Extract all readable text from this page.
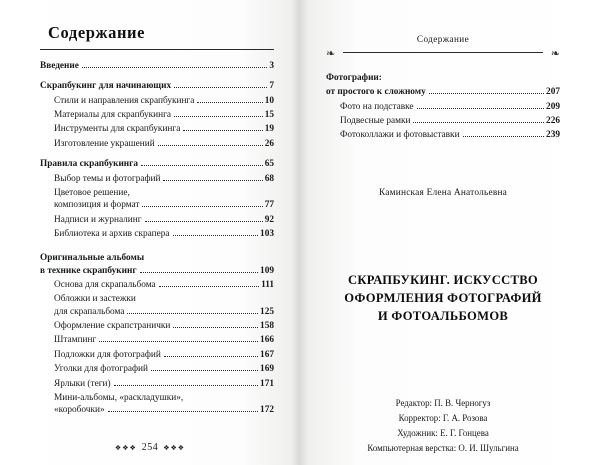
Содержание
Введение	3
Скрапбукинг для начинающих	7
Стили и направления скрапбукинга	10
Материалы для скрапбукинга	15
Инструменты для скрапбукинга	19
Изготовление украшений	26
Правила скрапбукинга	65
Выбор темы и фотографий	68
Цветовое решение,
композиция и формат	77
Надписи и журналинг	92
Библиотека и архив скрапера	103
Оригинальные альбомы
в технике скрапбукинг	109
Основа для скрапальбома	111
Обложки и застежки
для скрапальбома	125
Оформление скрапстранички	158
Штампинг	166
Подложки для фотографий	167
Уголки для фотографий	169
Ярлыки (теги)	171
Мини-альбомы, «раскладушки»,
«коробочки»	172
❖❖❖ 254 ❖❖❖
Содержание
❧	❧
Фотографии:
от простого к сложному	207
Фото на подставке	209
Подвесные рамки	226
Фотоколлажи и фотовыставки	239
Каминская Елена Анатольевна
СКРАПБУКИНГ. ИСКУССТВО
ОФОРМЛЕНИЯ ФОТОГРАФИЙ
И ФОТОАЛЬБОМОВ
Редактор: П. В. Черногуз
Корректор: Г. А. Розова
Художник: Е. Г. Гонцева
Компьютерная верстка: О. И. Шульгина
